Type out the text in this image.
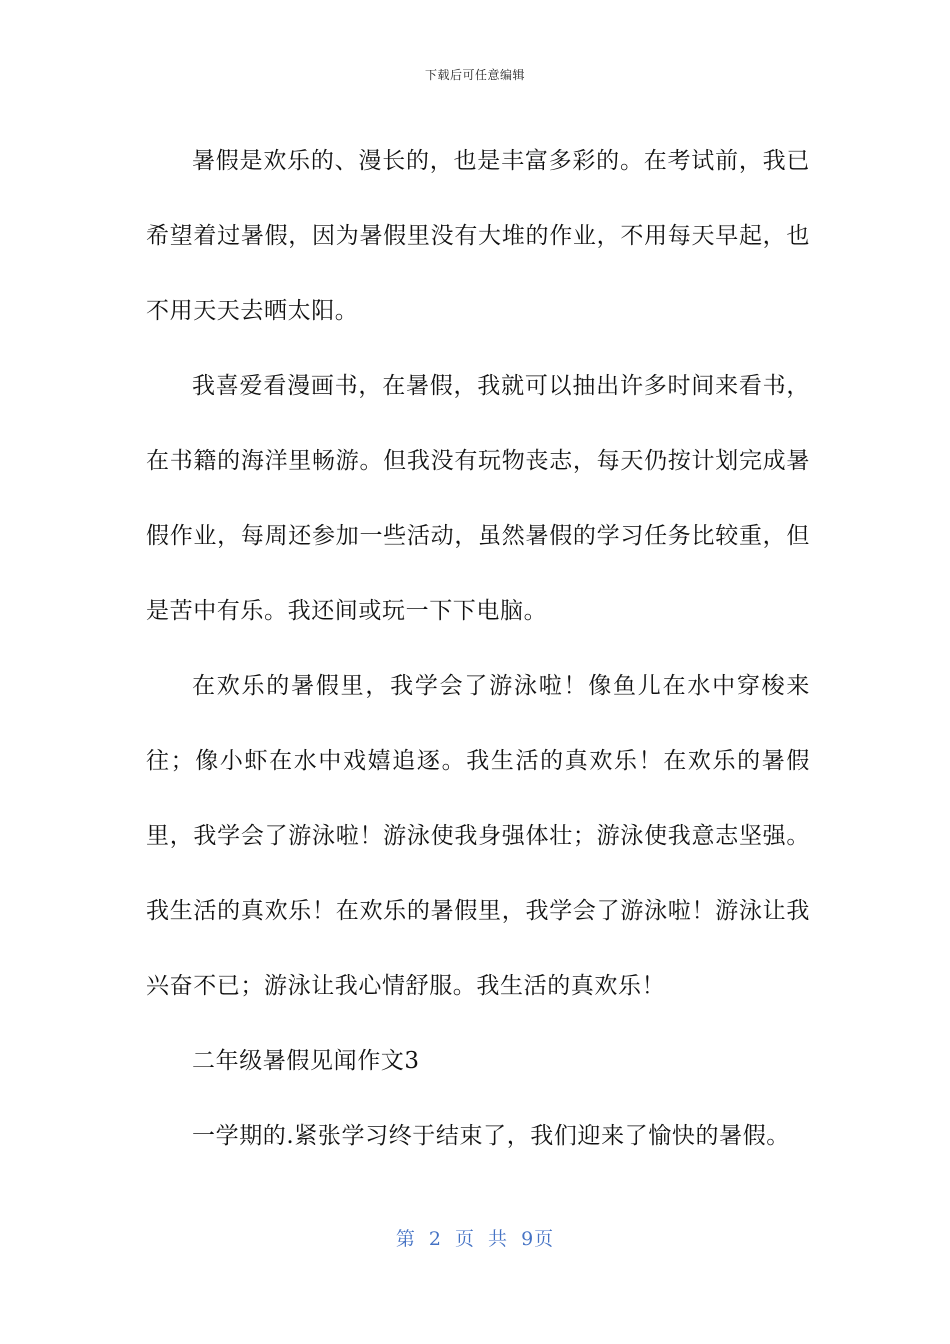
下载后可任意编辑

暑假是欢乐的、漫长的，也是丰富多彩的。在考试前，我已希望着过暑假，因为暑假里没有大堆的作业，不用每天早起，也不用天天去晒太阳。

我喜爱看漫画书，在暑假，我就可以抽出许多时间来看书，在书籍的海洋里畅游。但我没有玩物丧志，每天仍按计划完成暑假作业，每周还参加一些活动，虽然暑假的学习任务比较重，但是苦中有乐。我还间或玩一下下电脑。

在欢乐的暑假里，我学会了游泳啦！像鱼儿在水中穿梭来往；像小虾在水中戏嬉追逐。我生活的真欢乐！在欢乐的暑假里，我学会了游泳啦！游泳使我身强体壮；游泳使我意志坚强。我生活的真欢乐！在欢乐的暑假里，我学会了游泳啦！游泳让我兴奋不已；游泳让我心情舒服。我生活的真欢乐！

二年级暑假见闻作文3

一学期的.紧张学习终于结束了，我们迎来了愉快的暑假。

第 2 页 共 9页
